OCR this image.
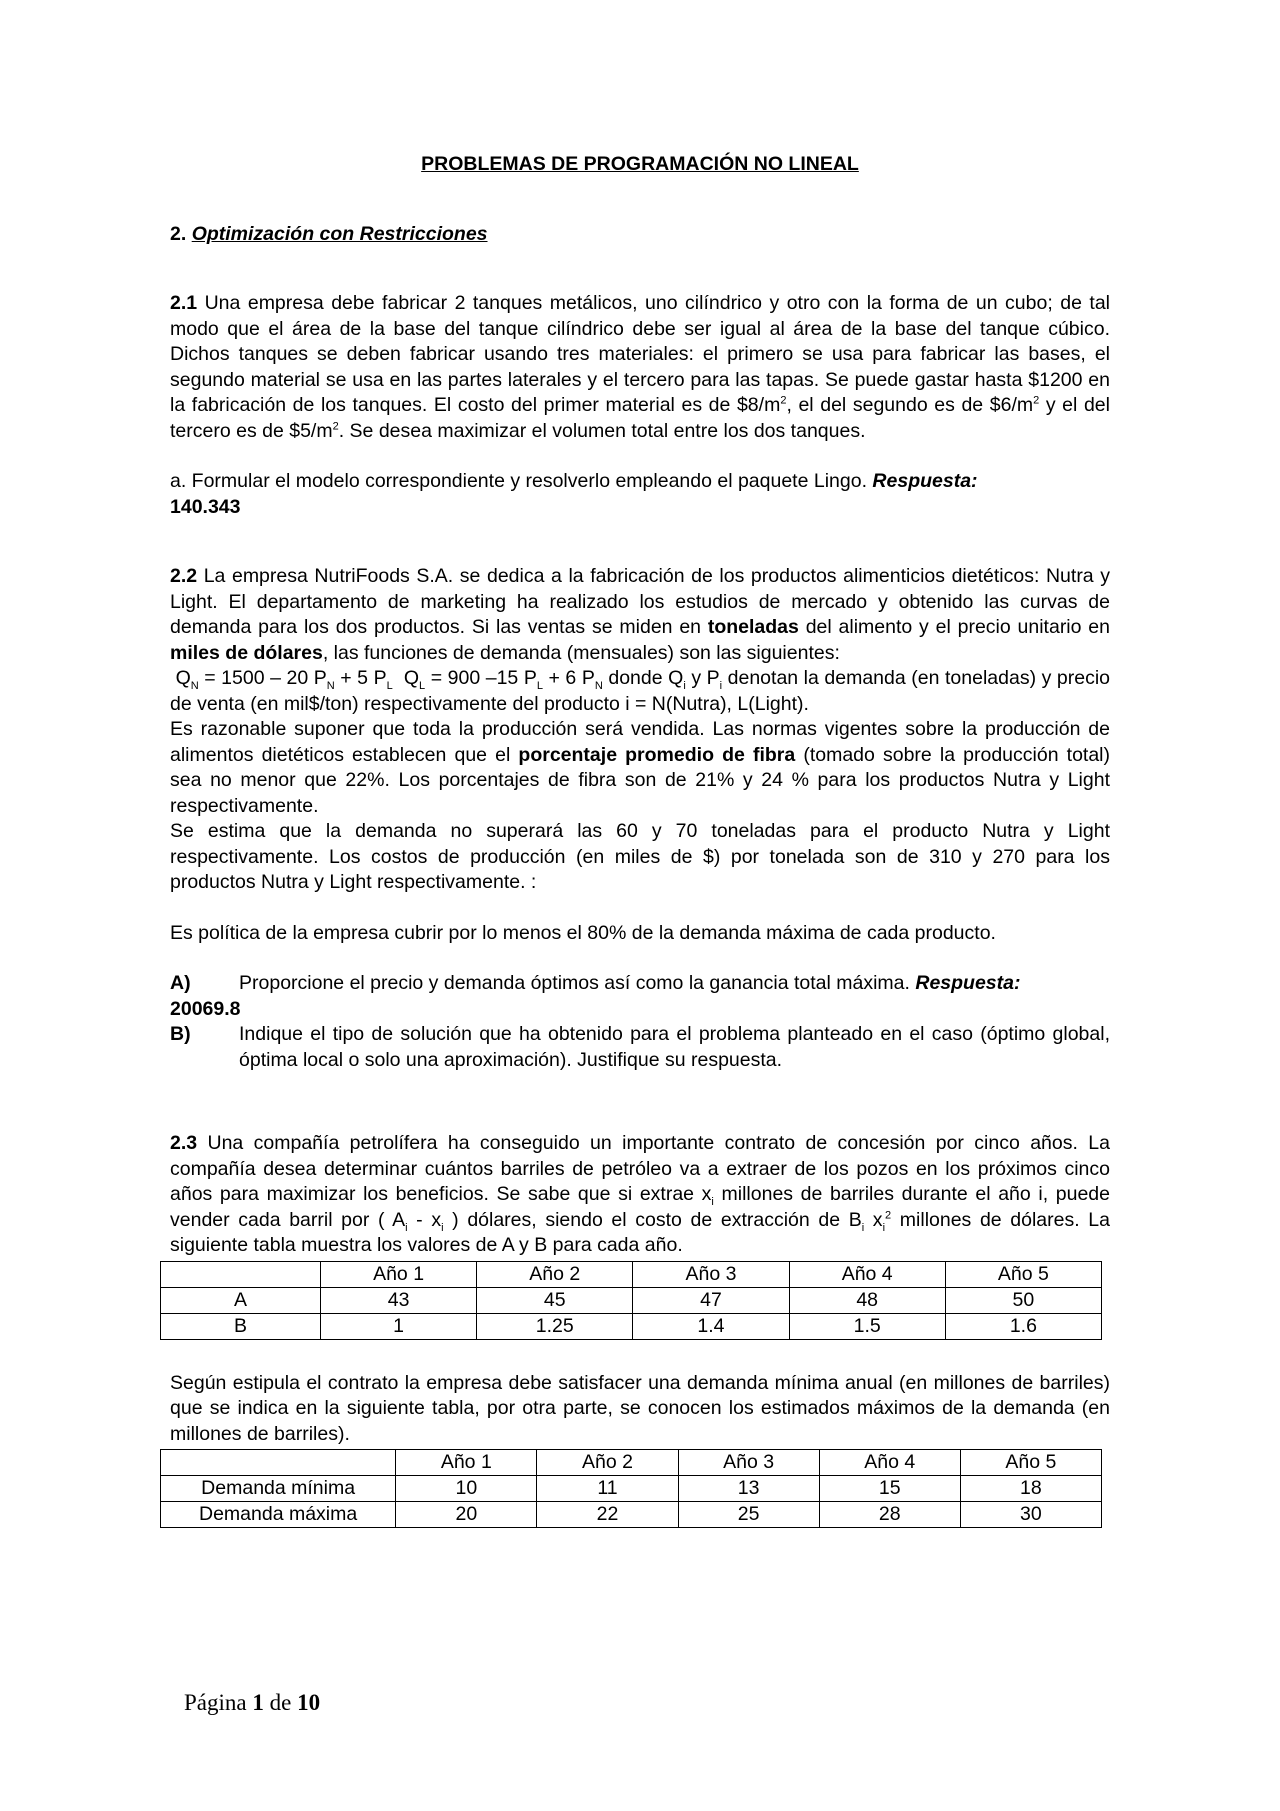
PROBLEMAS DE PROGRAMACIÓN NO LINEAL

2. Optimización con Restricciones

2.1 Una empresa debe fabricar 2 tanques metálicos, uno cilíndrico y otro con la forma de un cubo; de tal modo que el área de la base del tanque cilíndrico debe ser igual al área de la base del tanque cúbico. Dichos tanques se deben fabricar usando tres materiales: el primero se usa para fabricar las bases, el segundo material se usa en las partes laterales y el tercero para las tapas. Se puede gastar hasta $1200 en la fabricación de los tanques. El costo del primer material es de $\$8/m^2$, el del segundo es de $\$6/m^2$ y el del tercero es de $\$5/m^2$. Se desea maximizar el volumen total entre los dos tanques.

a. Formular el modelo correspondiente y resolverlo empleando el paquete Lingo. Respuesta:
140.343

2.2 La empresa NutriFoods S.A. se dedica a la fabricación de los productos alimenticios dietéticos: Nutra y Light. El departamento de marketing ha realizado los estudios de mercado y obtenido las curvas de demanda para los dos productos. Si las ventas se miden en toneladas del alimento y el precio unitario en miles de dólares, las funciones de demanda (mensuales) son las siguientes:

$Q_N = 1500 - 20$ $P_N + 5$ $P_L$ $Q_L = 900$ –15 $P_L + 6$ $P_N$ donde $Q_i$ y $P_i$ denotan la demanda (en toneladas) y precio de venta (en mil$/ton) respectivamente del producto i = N(Nutra), L(Light).

Es razonable suponer que toda la producción será vendida. Las normas vigentes sobre la producción de alimentos dietéticos establecen que el porcentaje promedio de fibra (tomado sobre la producción total) sea no menor que 22%. Los porcentajes de fibra son de 21% y 24 % para los productos Nutra y Light respectivamente.

Se estima que la demanda no superará las 60 y 70 toneladas para el producto Nutra y Light respectivamente. Los costos de producción (en miles de $) por tonelada son de 310 y 270 para los productos Nutra y Light respectivamente. :

Es política de la empresa cubrir por lo menos el 80% de la demanda máxima de cada producto.

A)	Proporcione el precio y demanda óptimos así como la ganancia total máxima. Respuesta:

20069.8

B)	Indique el tipo de solución que ha obtenido para el problema planteado en el caso (óptimo global, óptima local o solo una aproximación). Justifique su respuesta.

2.3 Una compañía petrolífera ha conseguido un importante contrato de concesión por cinco años. La compañía desea determinar cuántos barriles de petróleo va a extraer de los pozos en los próximos cinco años para maximizar los beneficios. Se sabe que si extrae $x_i$ millones de barriles durante el año i, puede vender cada barril por ( $A_i - x_i$ ) dólares, siendo el costo de extracción de $B_i$ $x_i^2$ millones de dólares. La siguiente tabla muestra los valores de A y B para cada año.

	Año 1	Año 2	Año 3	Año 4	Año 5
A	43	45	47	48	50
B	1	1.25	1.4	1.5	1.6

Según estipula el contrato la empresa debe satisfacer una demanda mínima anual (en millones de barriles) que se indica en la siguiente tabla, por otra parte, se conocen los estimados máximos de la demanda (en millones de barriles).

	Año 1	Año 2	Año 3	Año 4	Año 5
Demanda mínima	10	11	13	15	18
Demanda máxima	20	22	25	28	30
Página 1 de 10
